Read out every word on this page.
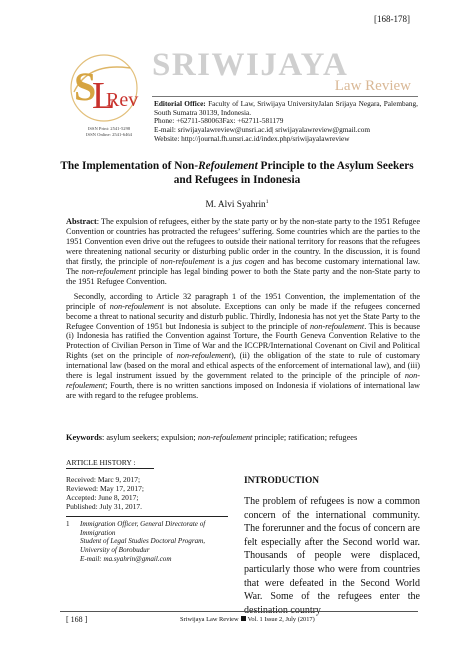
[168-178]
S
L
Rev
ISSN Print: 2541-5298
ISSN Online: 2541-6464
SRIWIJAYA
Law Review
Editorial Office: Faculty of Law, Sriwijaya UniversityJalan Srijaya Negara, Palembang, South Sumatra 30139, Indonesia.
Phone: +62711-580063Fax: +62711-581179
E-mail: sriwijayalawreview@unsri.ac.id| sriwijayalawreview@gmail.com
Website: http://journal.fh.unsri.ac.id/index.php/sriwijayalawreview
The Implementation of Non-Refoulement Principle to the Asylum Seekers and Refugees in Indonesia
M. Alvi Syahrin$^1$

Abstract: The expulsion of refugees, either by the state party or by the non-state party to the 1951 Refugee Convention or countries has protracted the refugees’ suffering. Some countries which are the parties to the 1951 Convention even drive out the refugees to outside their national territory for reasons that the refugees were threatening national security or disturbing public order in the country. In the discussion, it is found that firstly, the principle of non-refoulement is a jus cogen and has become customary international law. The non-refoulement principle has legal binding power to both the State party and the non-State party to the 1951 Refugee Convention.

Secondly, according to Article 32 paragraph 1 of the 1951 Convention, the implementation of the principle of non-refoulement is not absolute. Exceptions can only be made if the refugees concerned become a threat to national security and disturb public. Thirdly, Indonesia has not yet the State Party to the Refugee Convention of 1951 but Indonesia is subject to the principle of non-refoulement. This is because (i) Indonesia has ratified the Convention against Torture, the Fourth Geneva Convention Relative to the Protection of Civilian Person in Time of War and the ICCPR/International Covenant on Civil and Political Rights (set on the principle of non-refoulement), (ii) the obligation of the state to rule of customary international law (based on the moral and ethical aspects of the enforcement of international law), and (iii) there is legal instrument issued by the government related to the principle of the principle of non-refoulement; Fourth, there is no written sanctions imposed on Indonesia if violations of international law are with regard to the refugee problems.

Keywords: asylum seekers; expulsion; non-refoulement principle; ratification; refugees
ARTICLE HISTORY :
Received: Marc 9, 2017;
Reviewed: May 17, 2017;
Accepted: June 8, 2017;
Published: July 31, 2017.
1 Immigration Officer, General Directorate of Immigration
Student of Legal Studies Doctoral Program, University of Borobudur
E-mail: ma.syahrin@gmail.com
INTRODUCTION
The problem of refugees is now a common concern of the international community. The forerunner and the focus of concern are felt especially after the Second world war. Thousands of people were displaced, particularly those who were from countries that were defeated in the Second World War. Some of the refugees enter the destination country
[ 168 ]	Sriwijaya Law Review Vol. 1 Issue 2, July (2017)
